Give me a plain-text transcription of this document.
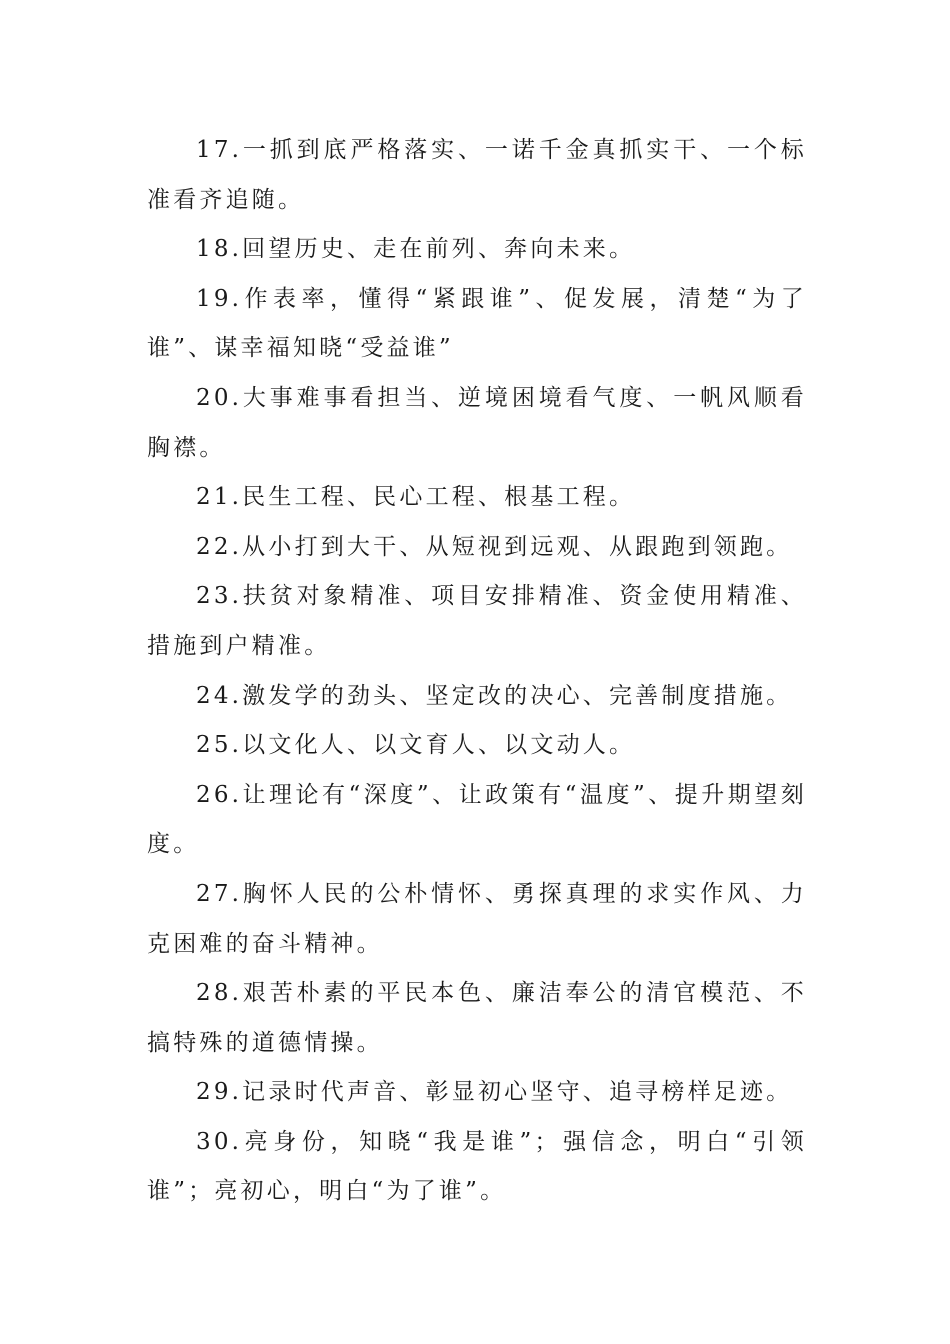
17.一抓到底严格落实、一诺千金真抓实干、一个标准看齐追随。

18.回望历史、走在前列、奔向未来。

19.作表率，懂得“紧跟谁”、促发展，清楚“为了谁”、谋幸福知晓“受益谁”

20.大事难事看担当、逆境困境看气度、一帆风顺看胸襟。

21.民生工程、民心工程、根基工程。

22.从小打到大干、从短视到远观、从跟跑到领跑。

23.扶贫对象精准、项目安排精准、资金使用精准、措施到户精准。

24.激发学的劲头、坚定改的决心、完善制度措施。

25.以文化人、以文育人、以文动人。

26.让理论有“深度”、让政策有“温度”、提升期望刻度。

27.胸怀人民的公朴情怀、勇探真理的求实作风、力克困难的奋斗精神。

28.艰苦朴素的平民本色、廉洁奉公的清官模范、不搞特殊的道德情操。

29.记录时代声音、彰显初心坚守、追寻榜样足迹。

30.亮身份，知晓“我是谁”；强信念，明白“引领谁”；亮初心，明白“为了谁”。
